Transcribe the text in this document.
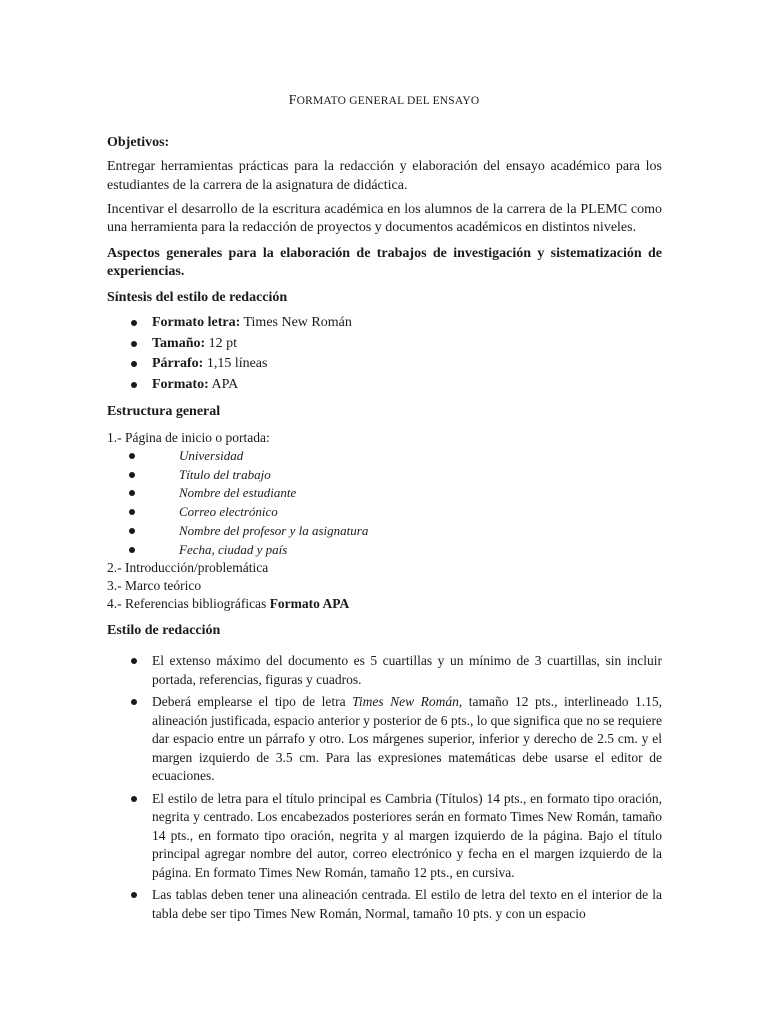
FORMATO GENERAL DEL ENSAYO

Objetivos:

Entregar herramientas prácticas para la redacción y elaboración del ensayo académico para los estudiantes de la carrera de la asignatura de didáctica.

Incentivar el desarrollo de la escritura académica en los alumnos de la carrera de la PLEMC como una herramienta para la redacción de proyectos y documentos académicos en distintos niveles.

Aspectos generales para la elaboración de trabajos de investigación y sistematización de experiencias.

Síntesis del estilo de redacción

Formato letra: Times New Román
Tamaño: 12 pt
Párrafo: 1,15 líneas
Formato: APA

Estructura general

1.- Página de inicio o portada:
Universidad
Título del trabajo
Nombre del estudiante
Correo electrónico
Nombre del profesor y la asignatura
Fecha, ciudad y país
2.- Introducción/problemática
3.- Marco teórico
4.- Referencias bibliográficas Formato APA

Estilo de redacción

El extenso máximo del documento es 5 cuartillas y un mínimo de 3 cuartillas, sin incluir portada, referencias, figuras y cuadros.
Deberá emplearse el tipo de letra Times New Román, tamaño 12 pts., interlineado 1.15, alineación justificada, espacio anterior y posterior de 6 pts., lo que significa que no se requiere dar espacio entre un párrafo y otro. Los márgenes superior, inferior y derecho de 2.5 cm. y el margen izquierdo de 3.5 cm. Para las expresiones matemáticas debe usarse el editor de ecuaciones.
El estilo de letra para el título principal es Cambria (Títulos) 14 pts., en formato tipo oración, negrita y centrado. Los encabezados posteriores serán en formato Times New Román, tamaño 14 pts., en formato tipo oración, negrita y al margen izquierdo de la página. Bajo el título principal agregar nombre del autor, correo electrónico y fecha en el margen izquierdo de la página. En formato Times New Román, tamaño 12 pts., en cursiva.
Las tablas deben tener una alineación centrada. El estilo de letra del texto en el interior de la tabla debe ser tipo Times New Román, Normal, tamaño 10 pts. y con un espacio
